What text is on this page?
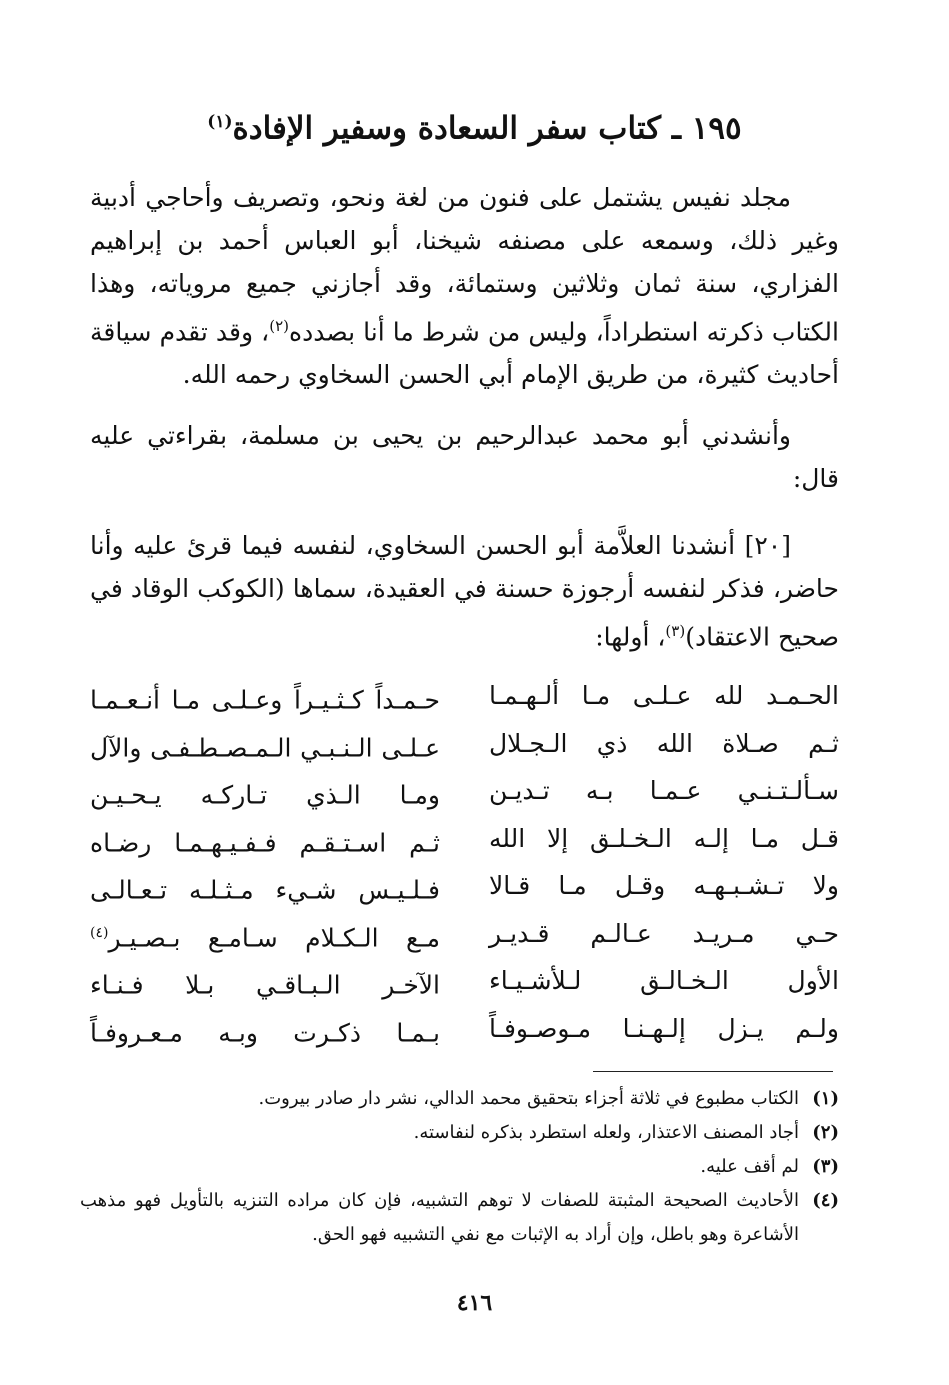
١٩٥ ـ كتاب سفر السعادة وسفير الإفادة$^{(١)}$

مجلد نفيس يشتمل على فنون من لغة ونحو، وتصريف وأحاجي أدبية وغير ذلك، وسمعه على مصنفه شيخنا، أبو العباس أحمد بن إبراهيم الفزاري، سنة ثمان وثلاثين وستمائة، وقد أجازني جميع مروياته، وهذا الكتاب ذكرته استطراداً، وليس من شرط ما أنا بصدده$^{(٢)}$، وقد تقدم سياقة أحاديث كثيرة، من طريق الإمام أبي الحسن السخاوي رحمه الله.

وأنشدني أبو محمد عبدالرحيم بن يحيى بن مسلمة، بقراءتي عليه قال:

[٢٠] أنشدنا العلاَّمة أبو الحسن السخاوي، لنفسه فيما قرئ عليه وأنا حاضر، فذكر لنفسه أرجوزة حسنة في العقيدة، سماها (الكوكب الوقاد في صحيح الاعتقاد)$^{(٣)}$، أولها:

الحـمـد لله عـلـى مـا ألـهـمـا
حـمـداً كـثـيـراً وعـلـى مـا أنـعـمـا
ثـم صـلاة الله ذي الـجـلال
عـلـى الـنـبـي الـمـصـطـفـى والآل
سـألـتـنـي عـمـا بـه تـديـن
ومـا الـذي تـاركـه يـحـيـن
قـل مـا إلـه الـخـلـق إلا الله
ثـم اسـتـقـم فـفـيـهـمـا رضـاه
ولا تـشـبـهـه وقـل مـا قـالا
فـلـيـس شـيء مـثـلـه تـعـالـى
حـي مـريـد عـالـم قـديـر
مـع الـكـلام سـامـع بـصـيـر$^{(٤)}$
الأول الـخـالـق لـلأشـيـاء
الآخـر الـبـاقـي بـلا فـنـاء
ولـم يـزل إلـهـنـا مـوصـوفـاً
بـمـا ذكـرت وبـه مـعـروفـاً
(١)
الكتاب مطبوع في ثلاثة أجزاء بتحقيق محمد الدالي، نشر دار صادر بيروت.
(٢)
أجاد المصنف الاعتذار، ولعله استطرد بذكره لنفاسته.
(٣)
لم أقف عليه.
(٤)
الأحاديث الصحيحة المثبتة للصفات لا توهم التشبيه، فإن كان مراده التنزيه بالتأويل فهو مذهب الأشاعرة وهو باطل، وإن أراد به الإثبات مع نفي التشبيه فهو الحق.
٤١٦
